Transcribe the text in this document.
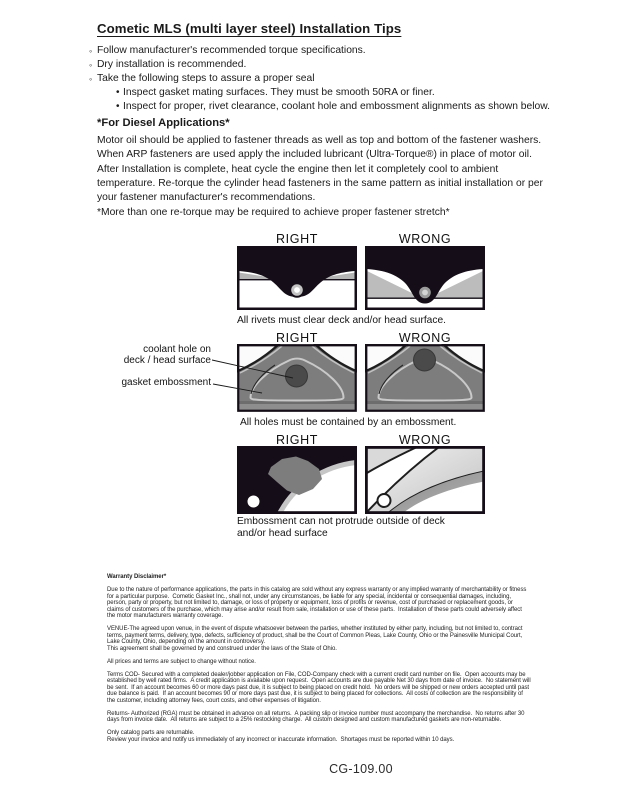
Cometic MLS (multi layer steel) Installation Tips
◦ Follow manufacturer's recommended torque specifications.
◦ Dry installation is recommended.
◦ Take the following steps to assure a proper seal
• Inspect gasket mating surfaces. They must be smooth 50RA or finer.
• Inspect for proper, rivet clearance, coolant hole and embossment alignments as shown below.
*For Diesel Applications*

Motor oil should be applied to fastener threads as well as top and bottom of the fastener washers. When ARP fasteners are used apply the included lubricant (Ultra-Torque®) in place of motor oil.

After Installation is complete, heat cycle the engine then let it completely cool to ambient temperature. Re-torque the cylinder head fasteners in the same pattern as initial installation or per your fastener manufacturer's recommendations.

*More than one re-torque may be required to achieve proper fastener stretch*

RIGHT	WRONG
All rivets must clear deck and/or head surface.
RIGHT	WRONG
coolant hole on
deck / head surface
gasket embossment
All holes must be contained by an embossment.
RIGHT	WRONG
Embossment can not protrude outside of deck and/or head surface

Warranty Disclaimer*

Due to the nature of performance applications, the parts in this catalog are sold without any express warranty or any implied warranty of merchantability or fitness for a particular purpose.  Cometic Gasket Inc., shall not, under any circumstances, be liable for any special, incidental or consequential damages, including, person, party or property, but not limited to, damage, or loss of property or equipment, loss of profits or revenue, cost of purchased or replacement goods, or claims of customers of the purchase, which may arise and/or result from sale, installation or use of these parts.  Installation of these parts could adversely affect the motor manufacturers warranty coverage.

VENUE-The agreed upon venue, in the event of dispute whatsoever between the parties, whether instituted by either party, including, but not limited to, contract terms, payment terms, delivery, type, defects, sufficiency of product, shall be the Court of Common Pleas, Lake County, Ohio or the Painesville Municipal Court, Lake County, Ohio, depending on the amount in controversy.

This agreement shall be governed by and construed under the laws of the State of Ohio.

All prices and terms are subject to change without notice.

Terms COD- Secured with a completed dealer/jobber application on File, COD-Company check with a current credit card number on file.  Open accounts may be established by well rated firms.  A credit application is available upon request.  Open accounts are due payable Net 30 days from date of invoice.  No statement will be sent.  If an account becomes 60 or more days past due, it is subject to being placed on credit hold.  No orders will be shipped or new orders accepted until past due balance is paid.  If an account becomes 90 or more days past due, it is subject to being placed for collections.  All costs of collection are the responsibility of the customer, including attorney fees, court costs, and other expenses of litigation.

Returns- Authorized (RGA) must be obtained in advance on all returns.  A packing slip or invoice number must accompany the merchandise.  No returns after 30 days from invoice date.  All returns are subject to a 25% restocking charge.  All custom designed and custom manufactured gaskets are non-returnable.

Only catalog parts are returnable.

Review your invoice and notify us immediately of any incorrect or inaccurate information.  Shortages must be reported within 10 days.

CG-109.00
